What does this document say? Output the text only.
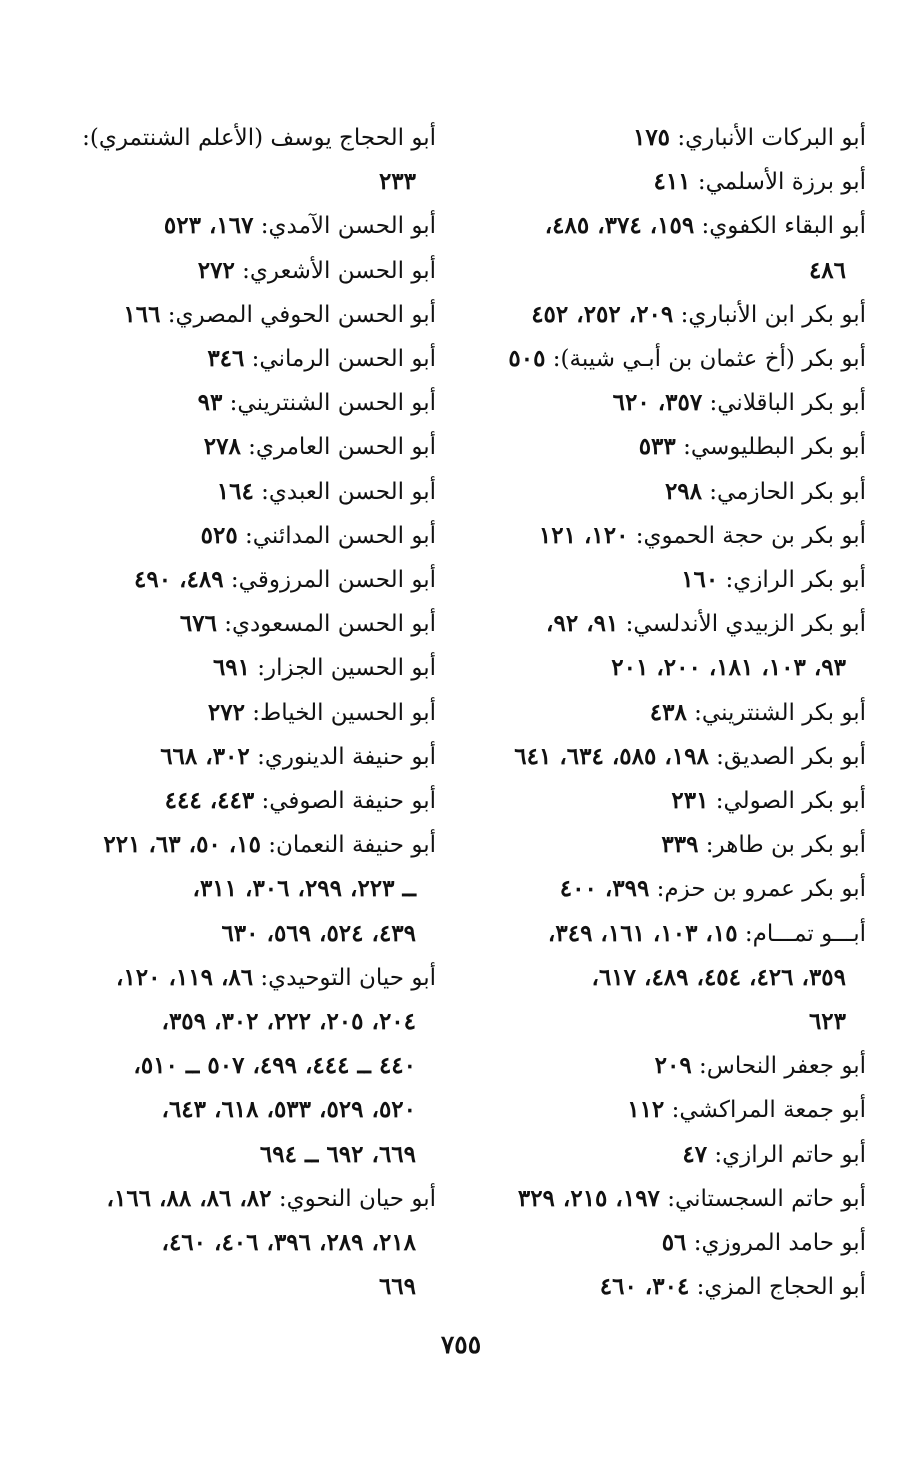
أبو البركات الأنباري: ١٧٥

أبو برزة الأسلمي: ٤١١

أبو البقاء الكفوي: ١٥٩، ٣٧٤، ٤٨٥،

٤٨٦

أبو بكر ابن الأنباري: ٢٠٩، ٢٥٢، ٤٥٢

أبو بكر (أخ عثمان بن أبـي شيبة): ٥٠٥

أبو بكر الباقلاني: ٣٥٧، ٦٢٠

أبو بكر البطليوسي: ٥٣٣

أبو بكر الحازمي: ٢٩٨

أبو بكر بن حجة الحموي: ١٢٠، ١٢١

أبو بكر الرازي: ١٦٠

أبو بكر الزبيدي الأندلسي: ٩١، ٩٢،

٩٣، ١٠٣، ١٨١، ٢٠٠، ٢٠١

أبو بكر الشنتريني: ٤٣٨

أبو بكر الصديق: ١٩٨، ٥٨٥، ٦٣٤، ٦٤١

أبو بكر الصولي: ٢٣١

أبو بكر بن طاهر: ٣٣٩

أبو بكر عمرو بن حزم: ٣٩٩، ٤٠٠

أبـــو تمـــام: ١٥، ١٠٣، ١٦١، ٣٤٩،

٣٥٩، ٤٢٦، ٤٥٤، ٤٨٩، ٦١٧،

٦٢٣

أبو جعفر النحاس: ٢٠٩

أبو جمعة المراكشي: ١١٢

أبو حاتم الرازي: ٤٧

أبو حاتم السجستاني: ١٩٧، ٢١٥، ٣٢٩

أبو حامد المروزي: ٥٦

أبو الحجاج المزي: ٣٠٤، ٤٦٠

أبو الحجاج يوسف (الأعلم الشنتمري):

٢٣٣

أبو الحسن الآمدي: ١٦٧، ٥٢٣

أبو الحسن الأشعري: ٢٧٢

أبو الحسن الحوفي المصري: ١٦٦

أبو الحسن الرماني: ٣٤٦

أبو الحسن الشنتريني: ٩٣

أبو الحسن العامري: ٢٧٨

أبو الحسن العبدي: ١٦٤

أبو الحسن المدائني: ٥٢٥

أبو الحسن المرزوقي: ٤٨٩، ٤٩٠

أبو الحسن المسعودي: ٦٧٦

أبو الحسين الجزار: ٦٩١

أبو الحسين الخياط: ٢٧٢

أبو حنيفة الدينوري: ٣٠٢، ٦٦٨

أبو حنيفة الصوفي: ٤٤٣، ٤٤٤

أبو حنيفة النعمان: ١٥، ٥٠، ٦٣، ٢٢١

ــ ٢٢٣، ٢٩٩، ٣٠٦، ٣١١،

٤٣٩، ٥٢٤، ٥٦٩، ٦٣٠

أبو حيان التوحيدي: ٨٦، ١١٩، ١٢٠،

٢٠٤، ٢٠٥، ٢٢٢، ٣٠٢، ٣٥٩،

٤٤٠ ــ ٤٤٤، ٤٩٩، ٥٠٧ ــ ٥١٠،

٥٢٠، ٥٢٩، ٥٣٣، ٦١٨، ٦٤٣،

٦٦٩، ٦٩٢ ــ ٦٩٤

أبو حيان النحوي: ٨٢، ٨٦، ٨٨، ١٦٦،

٢١٨، ٢٨٩، ٣٩٦، ٤٠٦، ٤٦٠،

٦٦٩

٧٥٥
